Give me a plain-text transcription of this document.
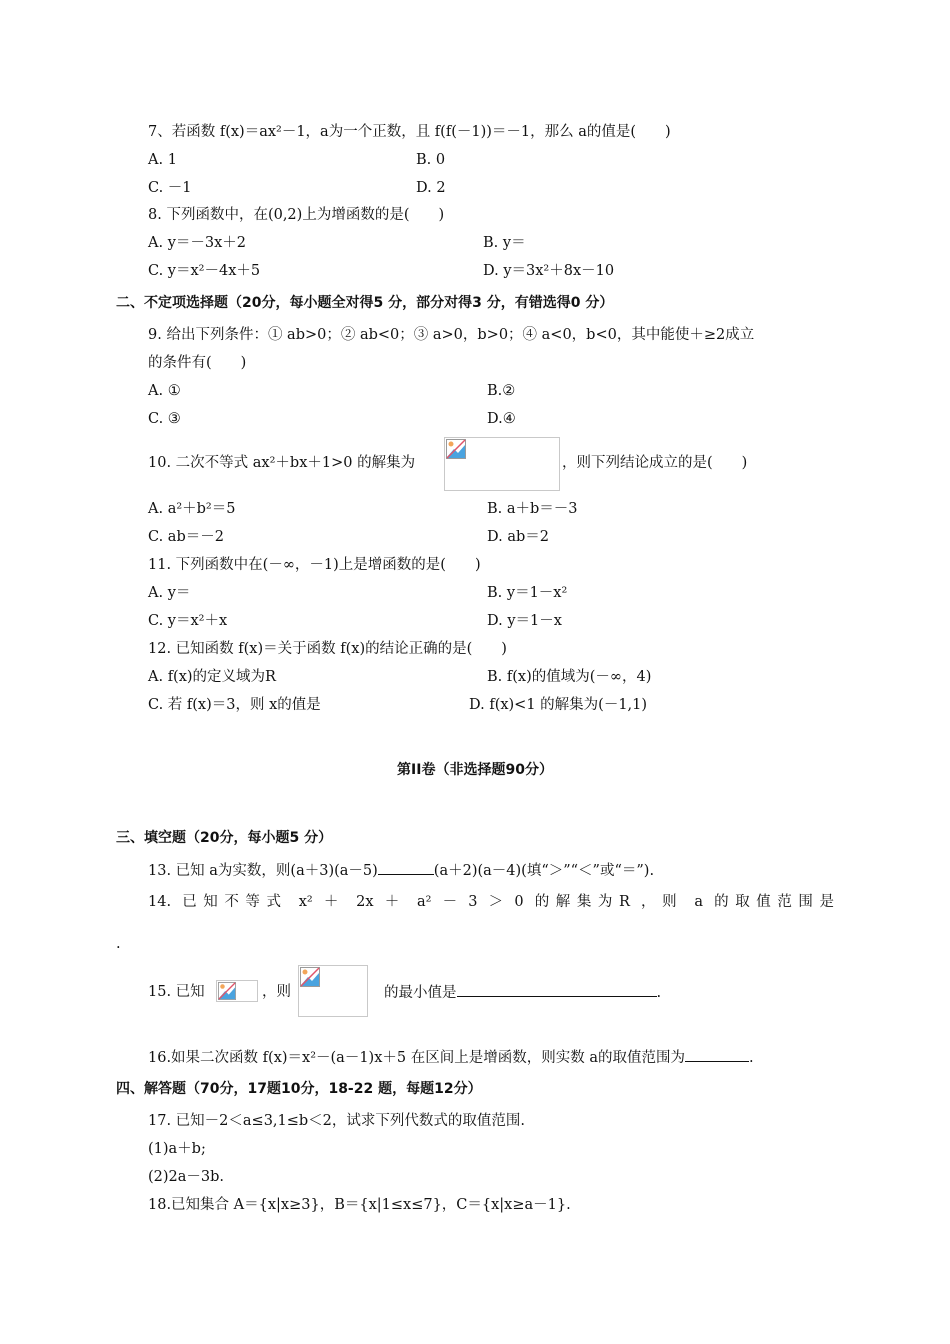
7、若函数 f(x)＝ax²－1，a为一个正数，且 f(f(－1))＝－1，那么 a的值是(　　)
A. 1	B. 0
C. －1	D. 2
8. 下列函数中，在(0,2)上为增函数的是(　　)
A. y＝－3x＋2	B. y＝
C. y＝x²－4x＋5	D. y＝3x²＋8x－10
二、不定项选择题（20分，每小题全对得5 分，部分对得3 分，有错选得0 分）
9. 给出下列条件：① ab>0；② ab<0；③ a>0，b>0；④ a<0，b<0，其中能使＋≥2成立
的条件有(　　)
A. ①	B.②
C. ③	D.④
10. 二次不等式 ax²＋bx＋1>0 的解集为	，则下列结论成立的是(　　)
A. a²＋b²＝5	B. a＋b＝－3
C. ab＝－2	D. ab＝2
11. 下列函数中在(－∞，－1)上是增函数的是(　　)
A. y＝	B. y＝1－x²
C. y＝x²＋x	D. y＝1－x
12. 已知函数 f(x)＝关于函数 f(x)的结论正确的是(　　)
A. f(x)的定义域为R	B. f(x)的值域为(－∞，4)
C. 若 f(x)＝3，则 x的值是	D. f(x)<1 的解集为(－1,1)
第II卷（非选择题90分）
三、填空题（20分，每小题5 分）
13. 已知 a为实数，则(a＋3)(a－5)	(a＋2)(a－4)(填“＞”“＜”或“＝”).
14. 已知不等式 x² ＋ 2x ＋ a² － 3 ＞ 0 的解集为R ，则 a 的取值范围是
.
15. 已知	，则	的最小值是	.
16.如果二次函数 f(x)＝x²－(a－1)x＋5 在区间上是增函数，则实数 a的取值范围为	.
四、解答题（70分，17题10分，18-22 题，每题12分）
17. 已知－2＜a≤3,1≤b＜2，试求下列代数式的取值范围.
(1)a＋b;
(2)2a－3b.
18.已知集合 A＝{x|x≥3}，B＝{x|1≤x≤7}，C＝{x|x≥a－1}.
